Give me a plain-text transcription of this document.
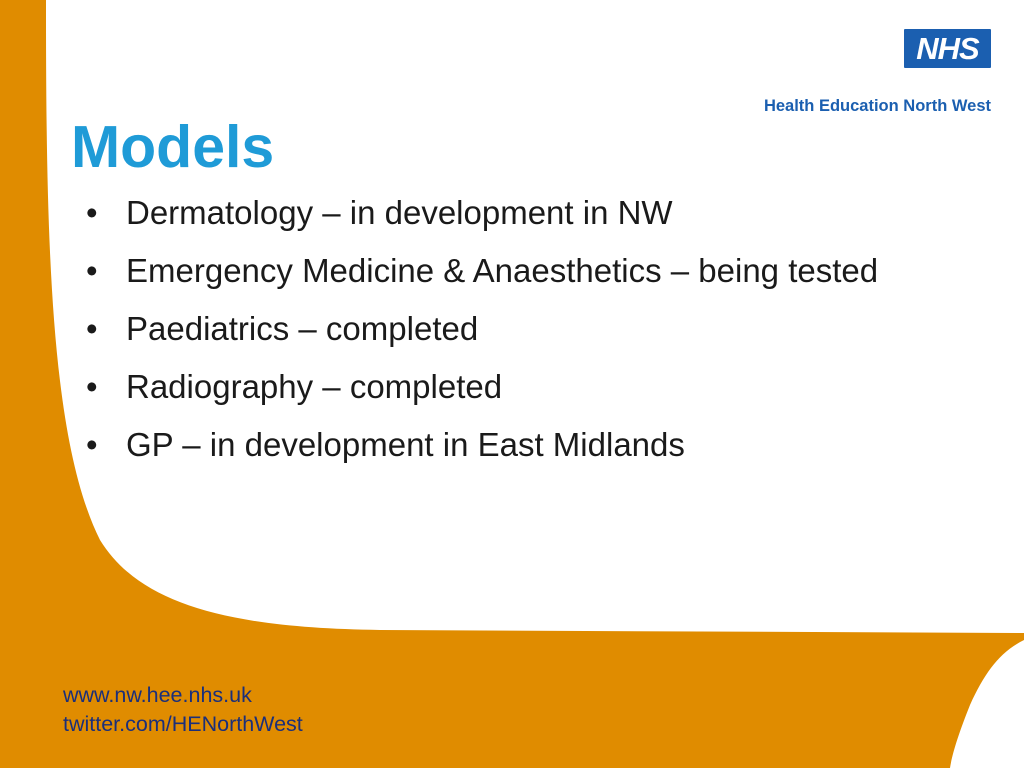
NHS
Health Education North West
Models
• Dermatology – in development in NW
• Emergency Medicine & Anaesthetics – being tested
• Paediatrics – completed
• Radiography – completed
• GP – in development in East Midlands
www.nw.hee.nhs.uk
twitter.com/HENorthWest
